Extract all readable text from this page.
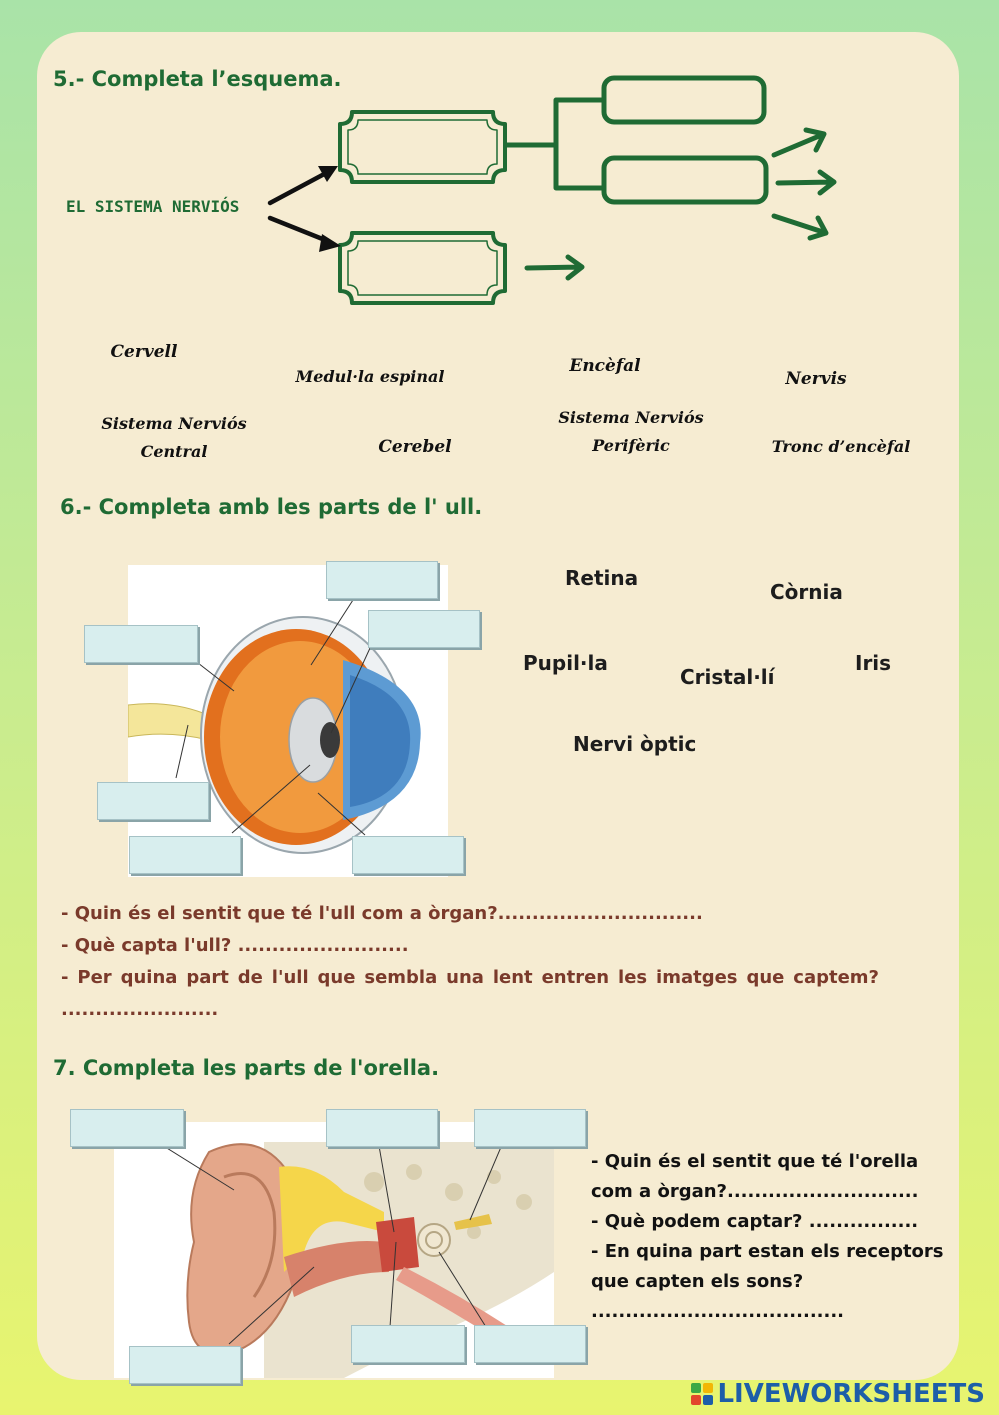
5.- Completa l’esquema.
EL SISTEMA NERVIÓS
Cervell
Medul·la espinal
Encèfal
Nervis
Sistema Nerviós Central	Cerebel
Sistema Nerviós Perifèric	Tronc d’encèfal
6.- Completa amb les parts de l' ull.
Retina
Còrnia
Pupil·la
Cristal·lí
Iris
Nervi òptic
- Quin és el sentit que té l'ull com a òrgan?..............................
- Què capta l'ull? .........................
- Per quina part de l'ull que sembla una lent entren les imatges que captem? .......................
7. Completa les parts de l'orella.
- Quin és el sentit que té l'orella com a òrgan?............................
- Què podem captar? ................
- En quina part estan els receptors que capten els sons? .....................................
LIVEWORKSHEETS
